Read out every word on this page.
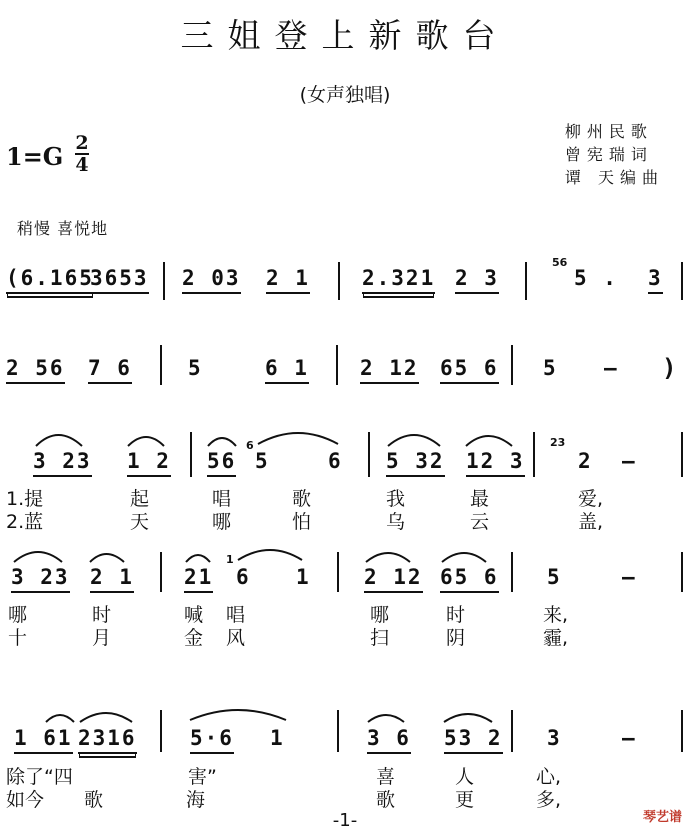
三姐登上新歌台
(女声独唱)
1=G 2
4
柳州民歌
曾宪瑞词
谭 天编曲
稍慢 喜悦地
(6.165
3653 2 03 2 1 2.321 2 3
56
5 . 3
2 56 7 6	5	6 1 2 12 65 6 5 – )
3 23 1 2 56
6
5	6 5 32 12 3
23
2 –
1.提	起	唱	歌	我	最	爱,
2.蓝	天	哪	怕	乌	云	盖,
3 23 2 1 21
1
6 1	2 12 65 6 5	–
哪	时	喊 唱	哪	时	来,
十	月	金 风	扫	阴	霾,
1 61 2316	5·6 1	3 6 53 2 3	–
除了“四	害”	喜	人	心,
如今 歌	海	歌	更	多,
-1-	琴艺谱
